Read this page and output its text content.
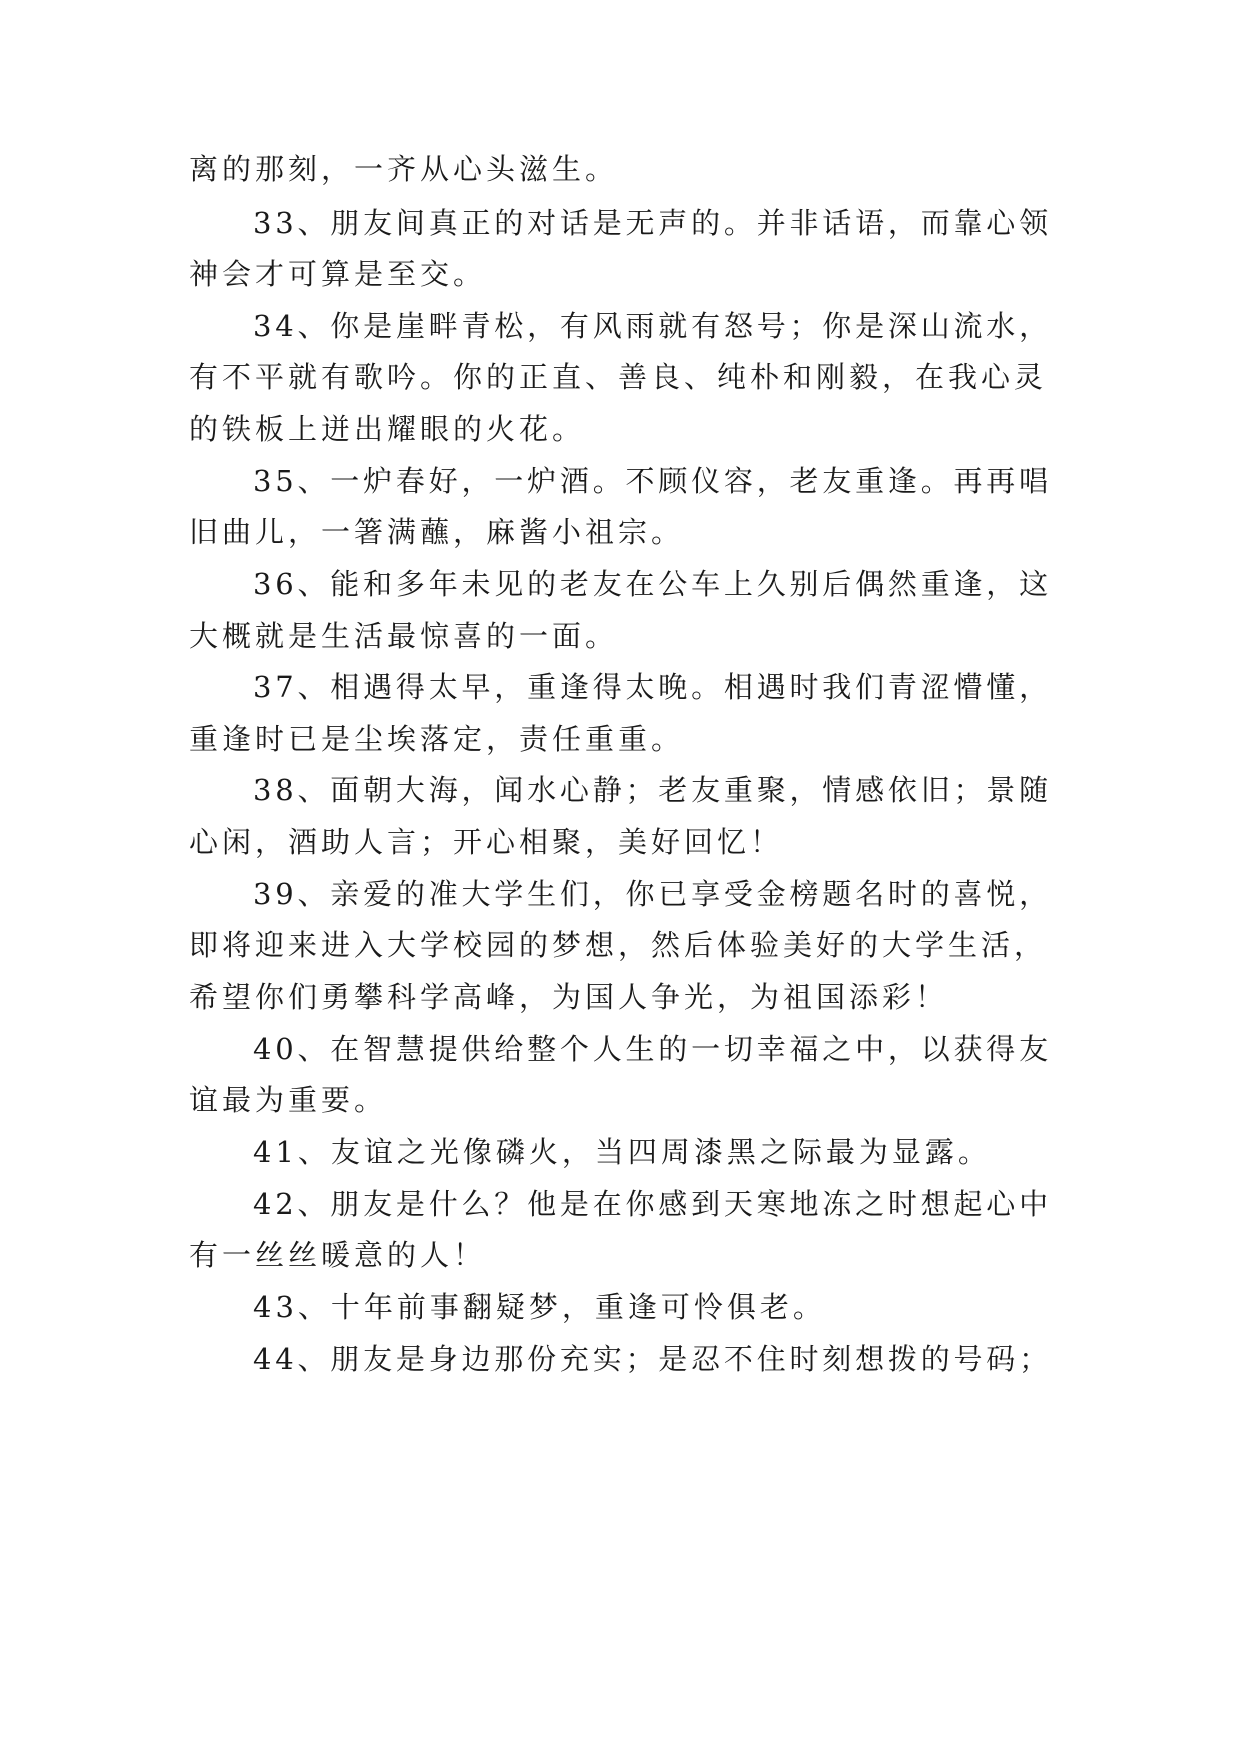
离的那刻，一齐从心头滋生。

33、朋友间真正的对话是无声的。并非话语，而靠心领

神会才可算是至交。

34、你是崖畔青松，有风雨就有怒号；你是深山流水，

有不平就有歌吟。你的正直、善良、纯朴和刚毅，在我心灵

的铁板上迸出耀眼的火花。

35、一炉春好，一炉酒。不顾仪容，老友重逢。再再唱

旧曲儿，一箸满蘸，麻酱小祖宗。

36、能和多年未见的老友在公车上久别后偶然重逢，这

大概就是生活最惊喜的一面。

37、相遇得太早，重逢得太晚。相遇时我们青涩懵懂，

重逢时已是尘埃落定，责任重重。

38、面朝大海，闻水心静；老友重聚，情感依旧；景随

心闲，酒助人言；开心相聚，美好回忆！

39、亲爱的准大学生们，你已享受金榜题名时的喜悦，

即将迎来进入大学校园的梦想，然后体验美好的大学生活，

希望你们勇攀科学高峰，为国人争光，为祖国添彩！

40、在智慧提供给整个人生的一切幸福之中，以获得友

谊最为重要。

41、友谊之光像磷火，当四周漆黑之际最为显露。

42、朋友是什么？他是在你感到天寒地冻之时想起心中

有一丝丝暖意的人！

43、十年前事翻疑梦，重逢可怜俱老。

44、朋友是身边那份充实；是忍不住时刻想拨的号码；
